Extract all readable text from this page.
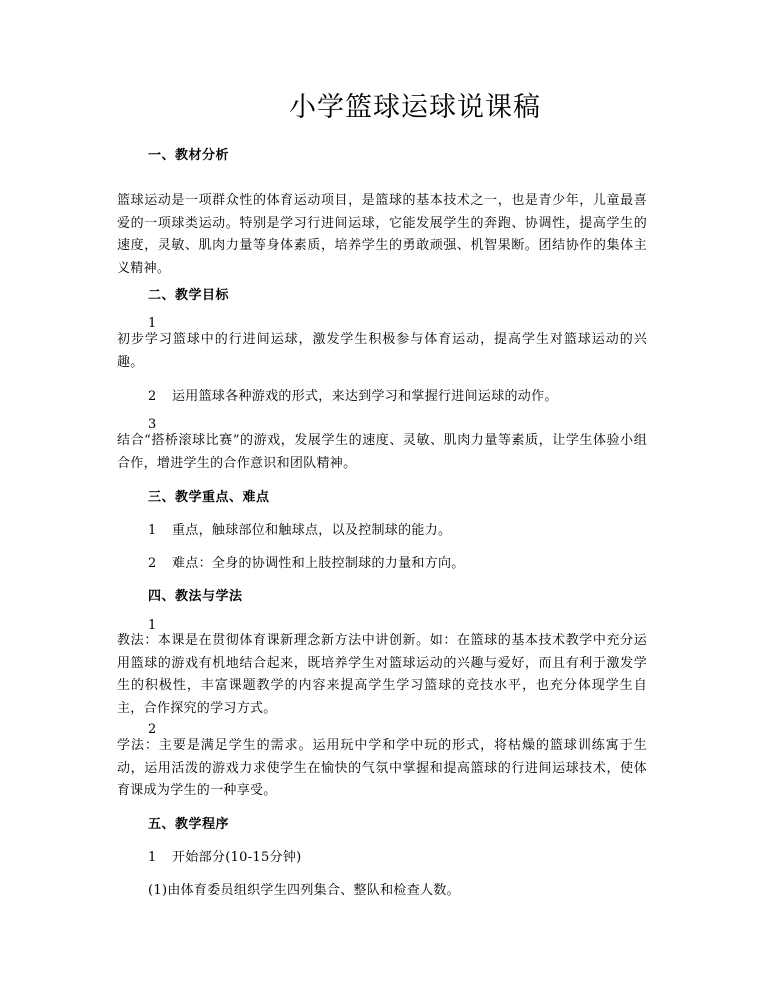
小学篮球运球说课稿
一、教材分析
篮球运动是一项群众性的体育运动项目，是篮球的基本技术之一，也是青少年，儿童最喜爱的一项球类运动。特别是学习行进间运球，它能发展学生的奔跑、协调性，提高学生的速度，灵敏、肌肉力量等身体素质，培养学生的勇敢顽强、机智果断。团结协作的集体主义精神。
二、教学目标
1
初步学习篮球中的行进间运球，激发学生积极参与体育运动，提高学生对篮球运动的兴趣。
2 运用篮球各种游戏的形式，来达到学习和掌握行进间运球的动作。
3
结合“搭桥滚球比赛”的游戏，发展学生的速度、灵敏、肌肉力量等素质，让学生体验小组合作，增进学生的合作意识和团队精神。
三、教学重点、难点
1 重点，触球部位和触球点，以及控制球的能力。
2 难点：全身的协调性和上肢控制球的力量和方向。
四、教法与学法
1
教法：本课是在贯彻体育课新理念新方法中讲创新。如：在篮球的基本技术教学中充分运用篮球的游戏有机地结合起来，既培养学生对篮球运动的兴趣与爱好，而且有利于激发学生的积极性，丰富课题教学的内容来提高学生学习篮球的竞技水平，也充分体现学生自主，合作探究的学习方式。
2
学法：主要是满足学生的需求。运用玩中学和学中玩的形式，将枯燥的篮球训练寓于生动，运用活泼的游戏力求使学生在愉快的气氛中掌握和提高篮球的行进间运球技术，使体育课成为学生的一种享受。
五、教学程序
1 开始部分(10-15分钟)
(1)由体育委员组织学生四列集合、整队和检查人数。
